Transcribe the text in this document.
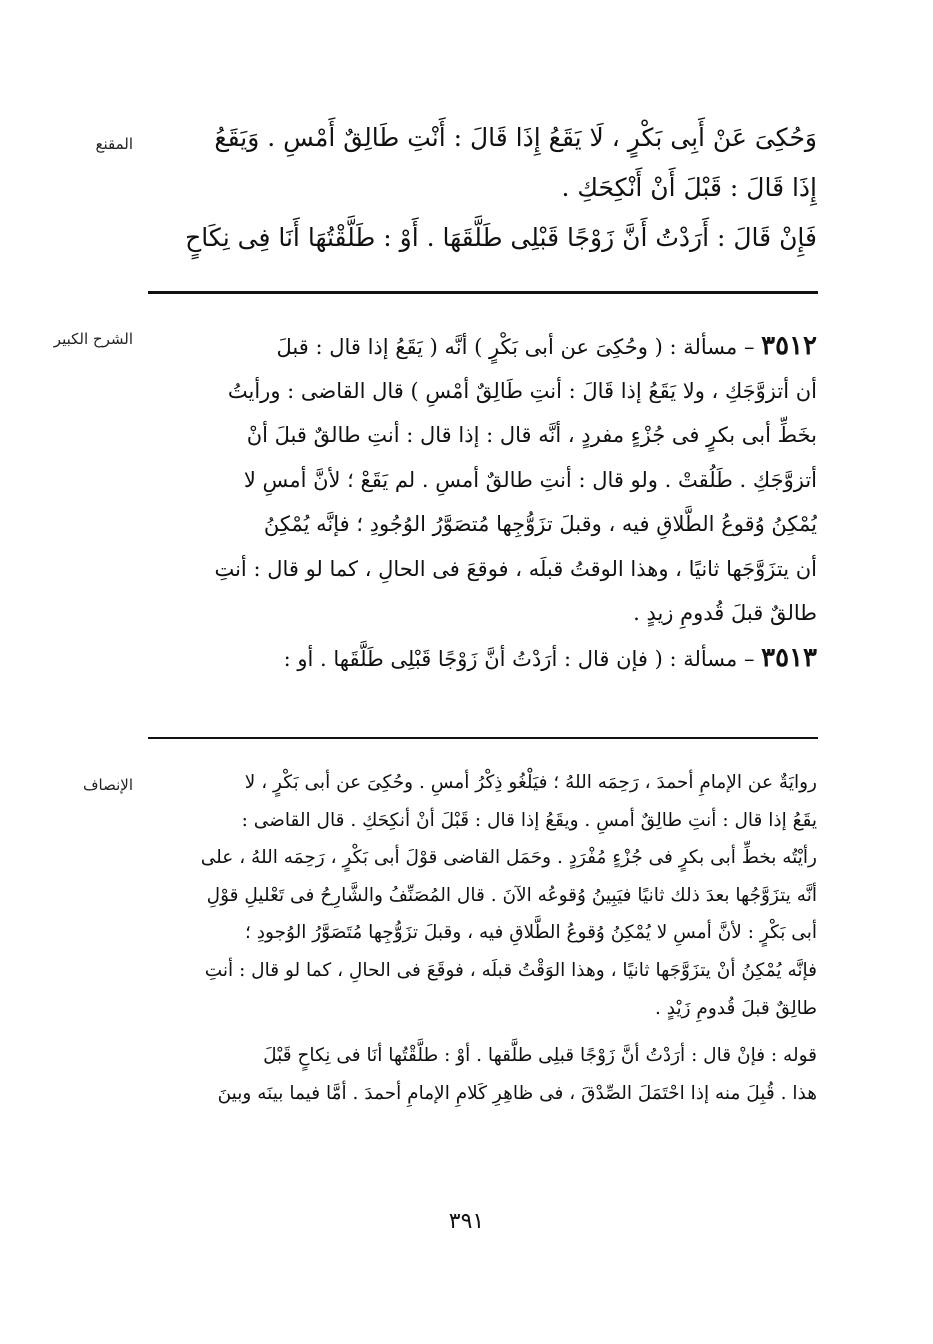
المقنع
الشرح الكبير
الإنصاف
وَحُكِىَ عَنْ أَبِى بَكْرٍ ، لَا يَقَعُ إِذَا قَالَ : أَنْتِ طَالِقٌ أَمْسِ . وَيَقَعُ
إِذَا قَالَ : قَبْلَ أَنْ أَنْكِحَكِ .
فَإِنْ قَالَ : أَرَدْتُ أَنَّ زَوْجًا قَبْلِى طَلَّقَهَا . أَوْ : طَلَّقْتُهَا أَنَا فِى نِكَاحٍ
٣٥١٢ – مسألة : ( وحُكِىَ عن أبى بَكْرٍ ) أنَّه ( يَقَعُ إذا قال : قبلَ
أن أتزوَّجَكِ ، ولا يَقَعُ إذا قَالَ : أنتِ طَالِقٌ أمْسِ ) قال القاضى : ورأيتُ
بخَطِّ أبى بكرٍ فى جُزْءٍ مفردٍ ، أنَّه قال : إذا قال : أنتِ طالقٌ قبلَ أنْ
أتزوَّجَكِ . طَلُقتْ . ولو قال : أنتِ طالقٌ أمسِ . لم يَقَعْ ؛ لأنَّ أمسِ لا
يُمْكِنُ وُقوعُ الطَّلاقِ فيه ، وقبلَ تزَوُّجِها مُتصَوَّرُ الوُجُودِ ؛ فإنَّه يُمْكِنُ
أن يتزَوَّجَها ثانيًا ، وهذا الوقتُ قبلَه ، فوقعَ فى الحالِ ، كما لو قال : أنتِ
طالقٌ قبلَ قُدومِ زيدٍ .
٣٥١٣ – مسألة : ( فإن قال : أرَدْتُ أنَّ زَوْجًا قَبْلِى طَلَّقَها . أو :
روايَةٌ عن الإمامِ أحمدَ ، رَحِمَه اللهُ ؛ فيَلْغُو ذِكْرُ أمسِ . وحُكِىَ عن أبى بَكْرٍ ، لا
يقَعُ إذا قال : أنتِ طالِقٌ أمسِ . ويقَعُ إذا قال : قَبْلَ أنْ أنكِحَكِ . قال القاضى :
رأيْتُه بخطِّ أبى بكرٍ فى جُزْءٍ مُفْرَدٍ . وحَمَل القاضى قوْلَ أبى بَكْرٍ ، رَحِمَه اللهُ ، على
أنَّه يتزَوَّجُها بعدَ ذلك ثانيًا فيَبِينُ وُقوعُه الآنَ . قال المُصَنِّفُ والشَّارِحُ فى تَعْليلِ قوْلِ
أبى بَكْرٍ : لأنَّ أمسِ لا يُمْكِنُ وُقوعُ الطَّلاقِ فيه ، وقبلَ تزَوُّجِها مُتَصَوَّرُ الوُجودِ ؛
فإنَّه يُمْكِنُ أنْ يتزَوَّجَها ثانيًا ، وهذا الوَقْتُ قبلَه ، فوقَعَ فى الحالِ ، كما لو قال : أنتِ
طالِقٌ قبلَ قُدومِ زَيْدٍ .
قوله : فإنْ قال : أرَدْتُ أنَّ زَوْجًا قبلِى طلَّقها . أوْ : طلَّقْتُها أنَا فى نِكاحٍ قَبْلَ
هذا . قُبِلَ منه إذا احْتَمَلَ الصِّدْقَ ، فى ظاهِرِ كَلامِ الإمامِ أحمدَ . أمَّا فيما بينَه وبينَ
٣٩١
